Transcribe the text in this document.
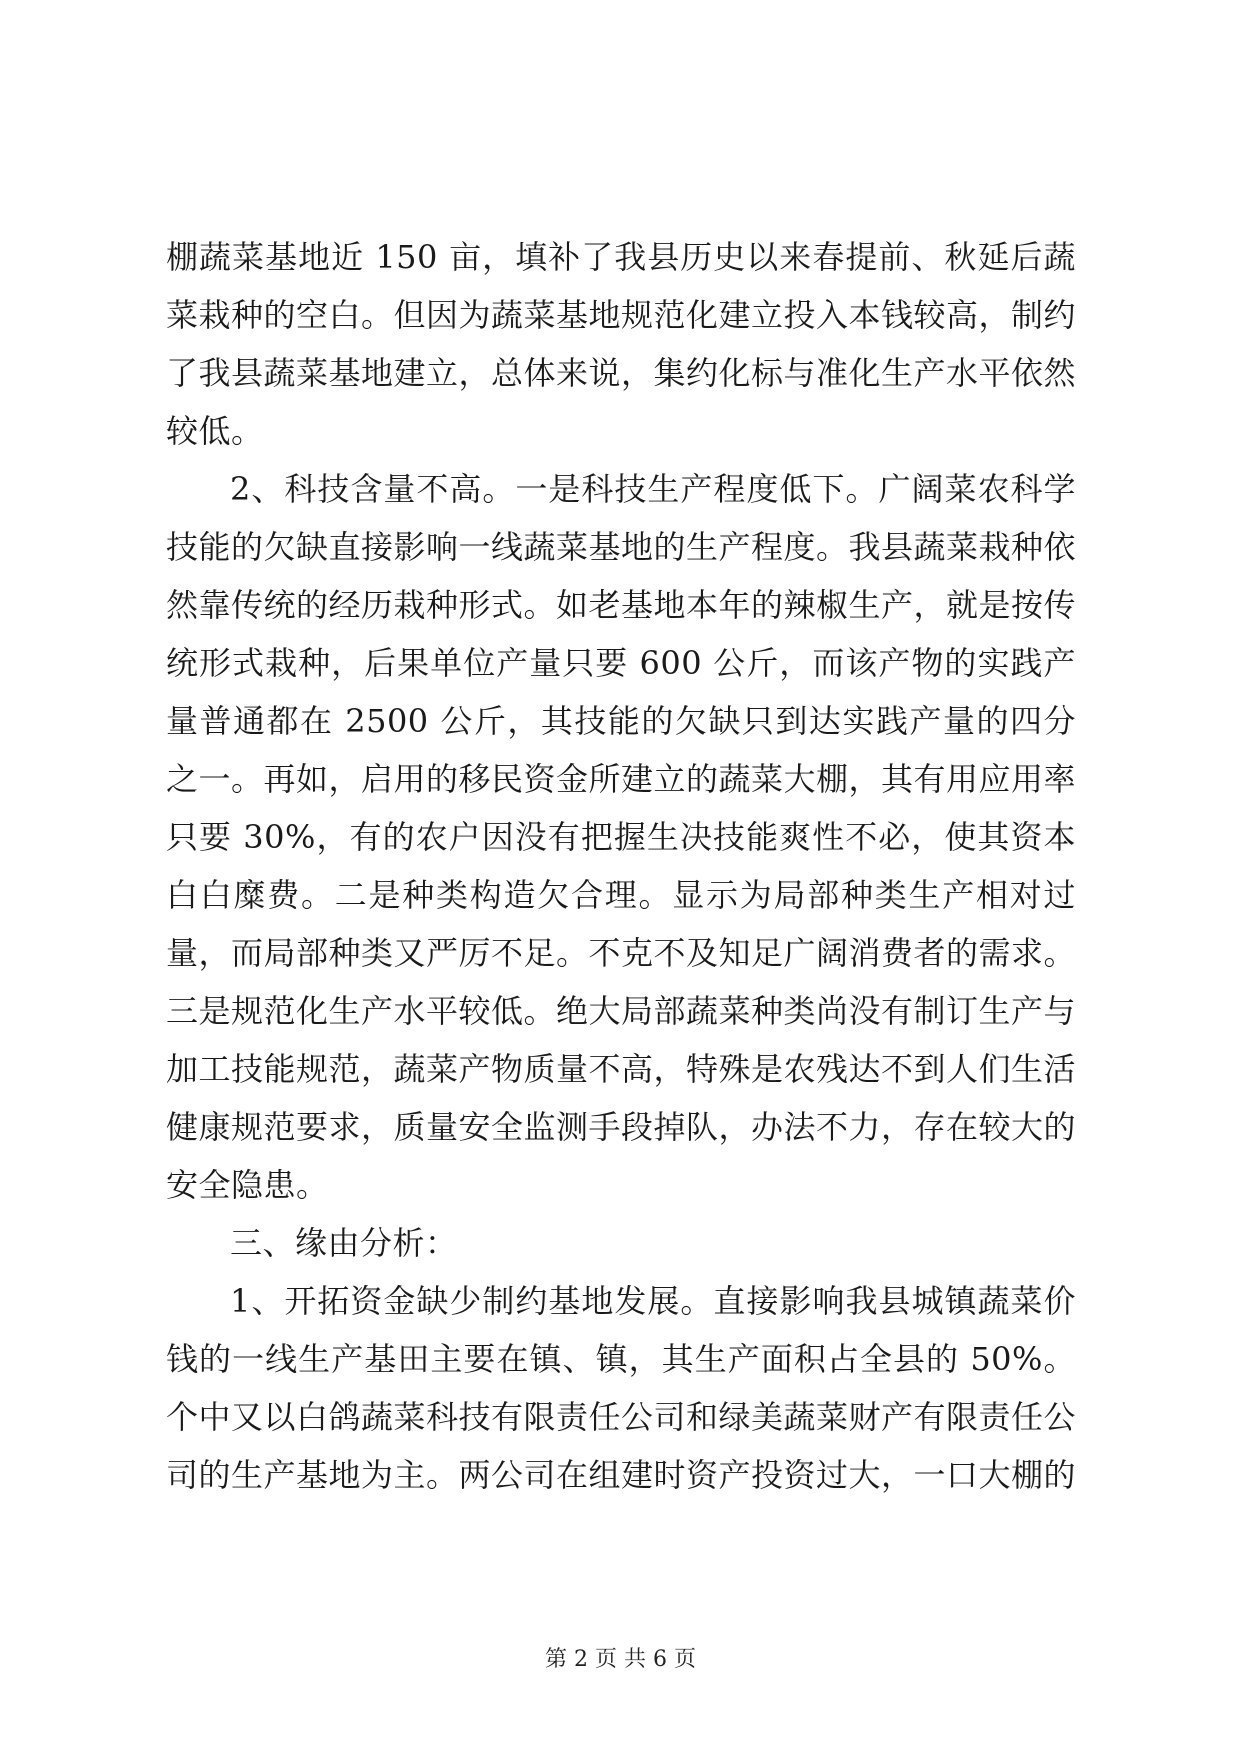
棚蔬菜基地近 150 亩，填补了我县历史以来春提前、秋延后蔬菜栽种的空白。但因为蔬菜基地规范化建立投入本钱较高，制约了我县蔬菜基地建立，总体来说，集约化标与准化生产水平依然较低。

2、科技含量不高。一是科技生产程度低下。广阔菜农科学技能的欠缺直接影响一线蔬菜基地的生产程度。我县蔬菜栽种依然靠传统的经历栽种形式。如老基地本年的辣椒生产，就是按传统形式栽种，后果单位产量只要 600 公斤，而该产物的实践产量普通都在 2500 公斤，其技能的欠缺只到达实践产量的四分之一。再如，启用的移民资金所建立的蔬菜大棚，其有用应用率只要 30%，有的农户因没有把握生决技能爽性不必，使其资本白白糜费。二是种类构造欠合理。显示为局部种类生产相对过量，而局部种类又严厉不足。不克不及知足广阔消费者的需求。三是规范化生产水平较低。绝大局部蔬菜种类尚没有制订生产与加工技能规范，蔬菜产物质量不高，特殊是农残达不到人们生活健康规范要求，质量安全监测手段掉队，办法不力，存在较大的安全隐患。

三、缘由分析：

1、开拓资金缺少制约基地发展。直接影响我县城镇蔬菜价钱的一线生产基田主要在镇、镇，其生产面积占全县的 50%。个中又以白鸽蔬菜科技有限责任公司和绿美蔬菜财产有限责任公司的生产基地为主。两公司在组建时资产投资过大，一口大棚的

第 2 页 共 6 页
